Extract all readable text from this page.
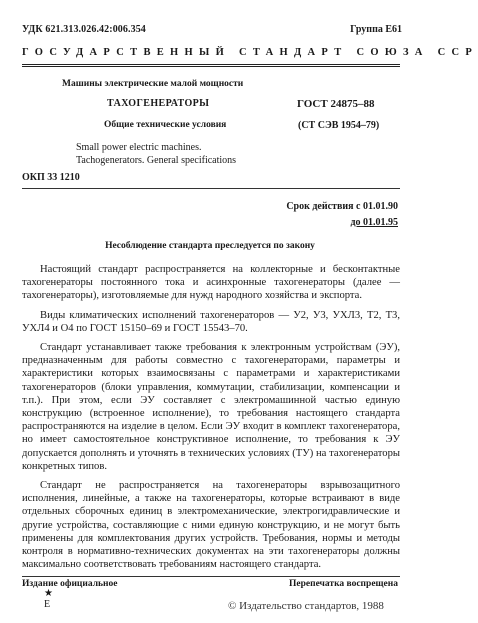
УДК 621.313.026.42:006.354	Группа Е61
ГОСУДАРСТВЕННЫЙ СТАНДАРТ СОЮЗА ССР
Машины электрические малой мощности
ТАХОГЕНЕРАТОРЫ	ГОСТ 24875–88
Общие технические условия	(СТ СЭВ 1954–79)
Small power electric machines.
Tachogenerators. General specifications
ОКП 33 1210
Срок действия с 01.01.90
до 01.01.95
Несоблюдение стандарта преследуется по закону

Настоящий стандарт распространяется на коллекторные и бесконтактные тахогенераторы постоянного тока и асинхронные тахогенераторы (далее — тахогенераторы), изготовляемые для нужд народного хозяйства и экспорта.

Виды климатических исполнений тахогенераторов — У2, У3, УХЛ3, Т2, Т3, УХЛ4 и О4 по ГОСТ 15150–69 и ГОСТ 15543–70.

Стандарт устанавливает также требования к электронным устройствам (ЭУ), предназначенным для работы совместно с тахогенераторами, параметры и характеристики которых взаимосвязаны с параметрами и характеристиками тахогенераторов (блоки управления, коммутации, стабилизации, компенсации и т.п.). При этом, если ЭУ составляет с электромашинной частью единую конструкцию (встроенное исполнение), то требования настоящего стандарта распространяются на изделие в целом. Если ЭУ входит в комплект тахогенератора, но имеет самостоятельное конструктивное исполнение, то требования к ЭУ допускается дополнять и уточнять в технических условиях (ТУ) на тахогенераторы конкретных типов.

Стандарт не распространяется на тахогенераторы взрывозащитного исполнения, линейные, а также на тахогенераторы, которые встраивают в виде отдельных сборочных единиц в электромеханические, электрогидравлические и другие устройства, составляющие с ними единую конструкцию, и не могут быть применены для комплектования других устройств. Требования, нормы и методы контроля в нормативно-технических документах на эти тахогенераторы должны максимально соответствовать требованиям настоящего стандарта.

Издание официальное	Перепечатка воспрещена
★
Е	© Издательство стандартов, 1988
